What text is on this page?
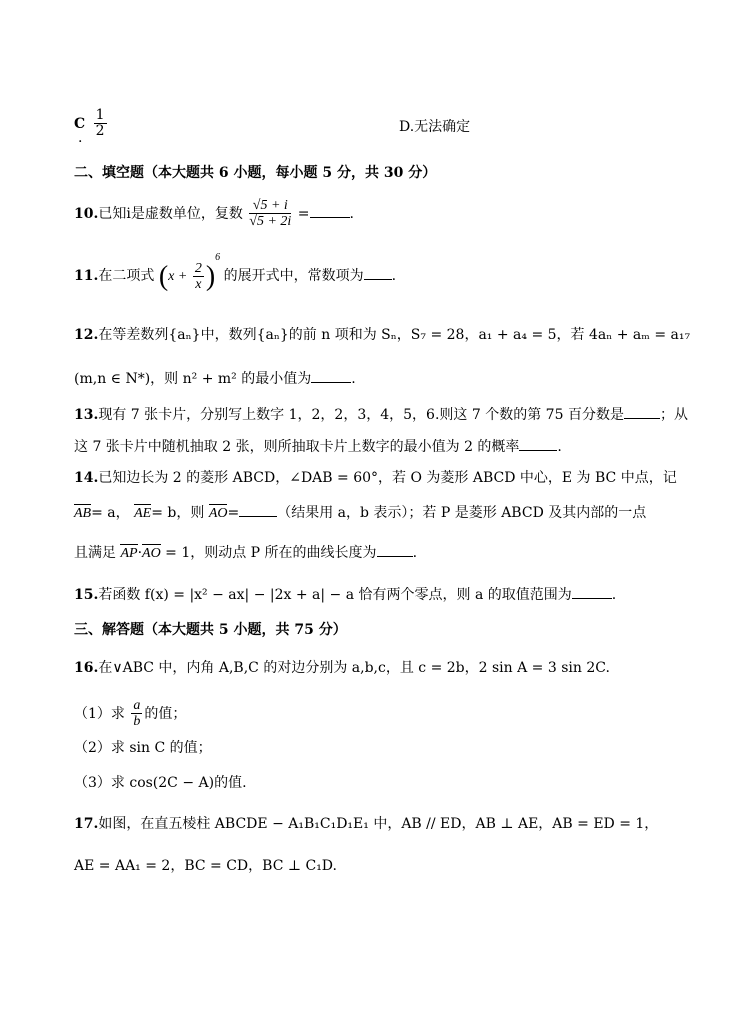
C $\frac{1}{2}$
.
D.无法确定
二、填空题（本大题共 6 小题，每小题 5 分，共 30 分）
10.已知i是虚数单位，复数 $\frac{√5 + i}{√5 + 2i}$ =	.
11.在二项式 $(x + \frac{2}{x} )^6$ 的展开式中，常数项为 .
12.在等差数列{aₙ}中，数列{aₙ}的前 n 项和为 Sₙ，S₇ = 28，a₁ + a₄ = 5，若 4aₙ + aₘ = a₁₇
(m,n ∈ N*)，则 n² + m² 的最小值为	.
13.现有 7 张卡片，分别写上数字 1，2，2，3，4，5，6.则这 7 个数的第 75 百分数是	；从
这 7 张卡片中随机抽取 2 张，则所抽取卡片上数字的最小值为 2 的概率	.
14.已知边长为 2 的菱形 ABCD，∠DAB = 60°，若 O 为菱形 ABCD 中心，E 为 BC 中点，记
AB= a， AE= b，则 AO=	（结果用 a，b 表示）；若 P 是菱形 ABCD 及其内部的一点
且满足 AP·AO = 1，则动点 P 所在的曲线长度为	.
15.若函数 f(x) = |x² − ax| − |2x + a| − a 恰有两个零点，则 a 的取值范围为	.
三、解答题（本大题共 5 小题，共 75 分）
16.在∨ABC 中，内角 A,B,C 的对边分别为 a,b,c，且 c = 2b，2 sin A = 3 sin 2C.
（1）求 $\frac{a}{b}$ 的值；
（2）求 sin C 的值；
（3）求 cos(2C − A)的值.
17.如图，在直五棱柱 ABCDE − A₁B₁C₁D₁E₁ 中，AB // ED，AB ⊥ AE，AB = ED = 1，
AE = AA₁ = 2，BC = CD，BC ⊥ C₁D.
